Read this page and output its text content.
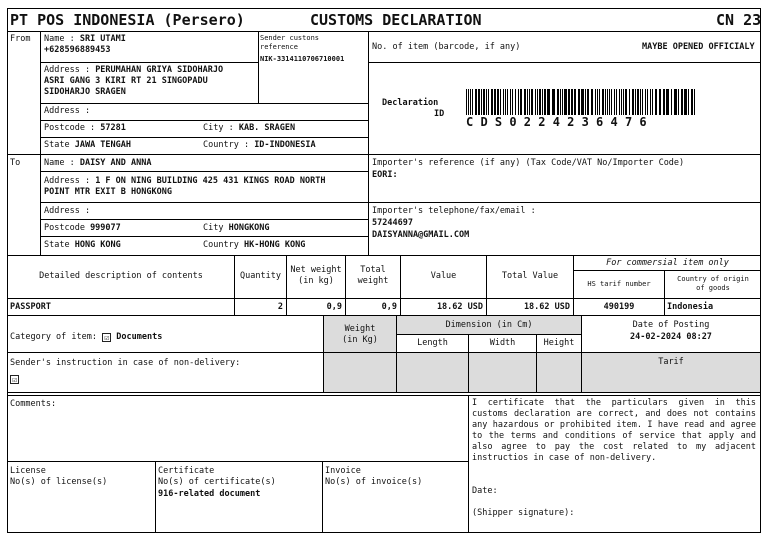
PT POS INDONESIA (Persero)	CUSTOMS DECLARATION	CN 23
From Name : SRI UTAMI
+628596889453
Sender custons reference
NIK-3314110706710001
Address : PERUMAHAN GRIYA SIDOHARJO
ASRI GANG 3 KIRI RT 21 SINGOPADU
SIDOHARJO SRAGEN
Address :
Postcode : 57281	City : KAB. SRAGEN
State JAWA TENGAH	Country : ID-INDONESIA
No. of item (barcode, if any)	MAYBE OPENED OFFICIALY
Declaration
ID
C D S 0 2 2 4 2 3 6 4 7 6
To	Name : DAISY AND ANNA
Address : 1 F ON NING BUILDING 425 431 KINGS ROAD NORTH
POINT MTR EXIT B HONGKONG
Address :
Postcode 999077	City HONGKONG
State HONG KONG	Country HK-HONG KONG
Importer's reference (if any) (Tax Code/VAT No/Importer Code)
EORI:
Importer's telephone/fax/email :
57244697
DAISYANNA@GMAIL.COM
Detailed description of contents	Quantity
Net weight
(in kg)
Total
weight	Value	Total Value
For commersial item only
HS tarif number
Country of origin
of goods
PASSPORT	2	0,9	0,9	18.62 USD	18.62 USD	490199	Indonesia
Category of item: ☑ Documents
Weight
(in Kg)
Dimension (in Cm)
Length	Width	Height
Date of Posting
24-02-2024 08:27
Tarif
Sender's instruction in case of non-delivery:
☑
Comments:	I certificate that the particulars given in this customs declaration are correct, and does not contains any hazardous or prohibited item. I have read and agree to the terms and conditions of service that apply and also agree to pay the cost related to my adjacent instructios in case of non-delivery.
Date:
(Shipper signature):
License
No(s) of license(s)
Certificate
No(s) of certificate(s)
916-related document
Invoice
No(s) of invoice(s)
